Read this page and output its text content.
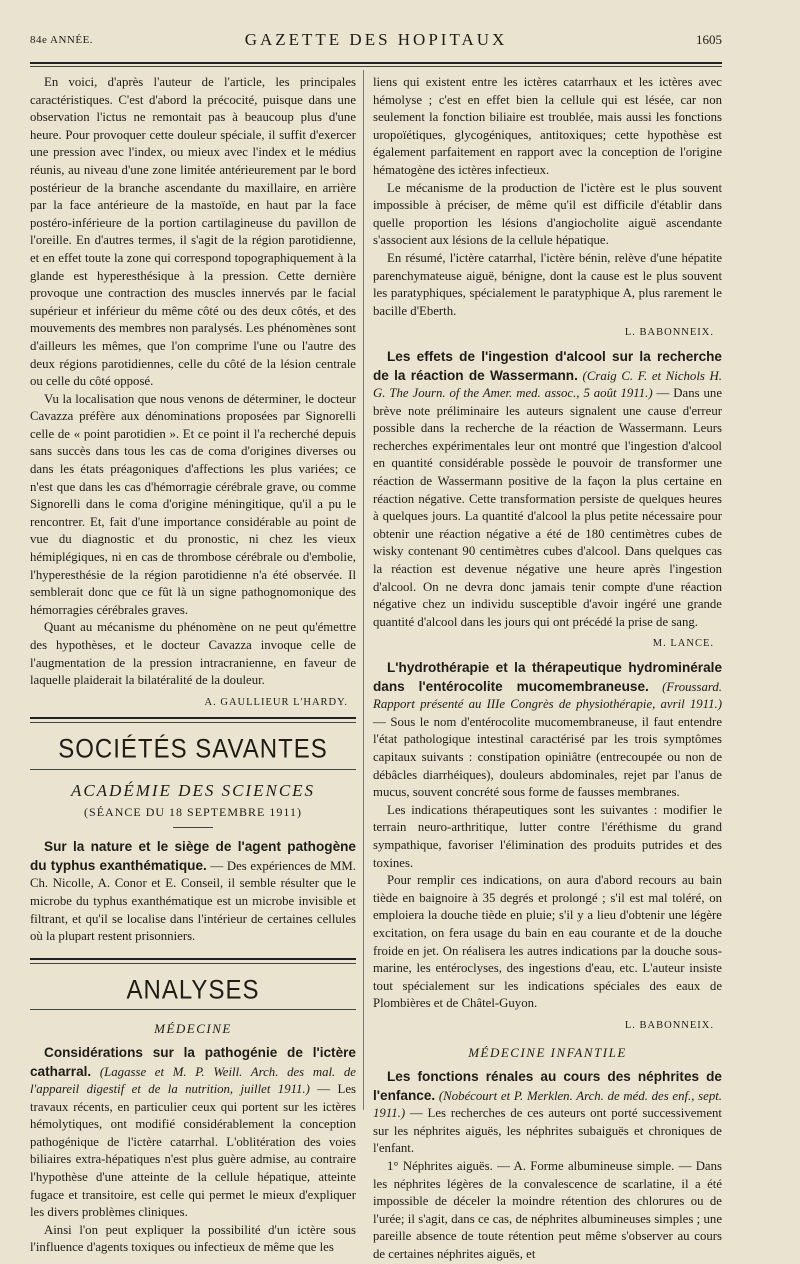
84e ANNÉE.	GAZETTE DES HOPITAUX	1605

En voici, d'après l'auteur de l'article, les principales caractéristiques. C'est d'abord la précocité, puisque dans une observation l'ictus ne remontait pas à beaucoup plus d'une heure. Pour provoquer cette douleur spéciale, il suffit d'exercer une pression avec l'index, ou mieux avec l'index et le médius réunis, au niveau d'une zone limitée antérieurement par le bord postérieur de la branche ascendante du maxillaire, en arrière par la face antérieure de la mastoïde, en haut par la face postéro-inférieure de la portion cartilagineuse du pavillon de l'oreille. En d'autres termes, il s'agit de la région parotidienne, et en effet toute la zone qui correspond topographiquement à la glande est hyperesthésique à la pression. Cette dernière provoque une contraction des muscles innervés par le facial supérieur et inférieur du même côté ou des deux côtés, et des mouvements des membres non paralysés. Les phénomènes sont d'ailleurs les mêmes, que l'on comprime l'une ou l'autre des deux régions parotidiennes, celle du côté de la lésion centrale ou celle du côté opposé.

Vu la localisation que nous venons de déterminer, le docteur Cavazza préfère aux dénominations proposées par Signorelli celle de « point parotidien ». Et ce point il l'a recherché depuis sans succès dans tous les cas de coma d'origines diverses ou dans les états préagoniques d'affections les plus variées; ce n'est que dans les cas d'hémorragie cérébrale grave, ou comme Signorelli dans le coma d'origine méningitique, qu'il a pu le rencontrer. Et, fait d'une importance considérable au point de vue du diagnostic et du pronostic, ni chez les vieux hémiplégiques, ni en cas de thrombose cérébrale ou d'embolie, l'hyperesthésie de la région parotidienne n'a été observée. Il semblerait donc que ce fût là un signe pathognomonique des hémorragies cérébrales graves.

Quant au mécanisme du phénomène on ne peut qu'émettre des hypothèses, et le docteur Cavazza invoque celle de l'augmentation de la pression intracranienne, en faveur de laquelle plaiderait la bilatéralité de la douleur.

A. GAULLIEUR L'HARDY.

SOCIÉTÉS SAVANTES
ACADÉMIE DES SCIENCES
(SÉANCE DU 18 SEPTEMBRE 1911)

Sur la nature et le siège de l'agent pathogène du typhus exanthématique. — Des expériences de MM. Ch. Nicolle, A. Conor et E. Conseil, il semble résulter que le microbe du typhus exanthématique est un microbe invisible et filtrant, et qu'il se localise dans l'intérieur de certaines cellules où la plupart restent prisonniers.

ANALYSES
MÉDECINE

Considérations sur la pathogénie de l'ictère catharral. (Lagasse et M. P. Weill. Arch. des mal. de l'appareil digestif et de la nutrition, juillet 1911.) — Les travaux récents, en particulier ceux qui portent sur les ictères hémolytiques, ont modifié considérablement la conception pathogénique de l'ictère catarrhal. L'oblitération des voies biliaires extra-hépatiques n'est plus guère admise, au contraire l'hypothèse d'une atteinte de la cellule hépatique, atteinte fugace et transitoire, est celle qui permet le mieux d'expliquer les divers problèmes cliniques.

Ainsi l'on peut expliquer la possibilité d'un ictère sous l'influence d'agents toxiques ou infectieux de même que les

liens qui existent entre les ictères catarrhaux et les ictères avec hémolyse ; c'est en effet bien la cellule qui est lésée, car non seulement la fonction biliaire est troublée, mais aussi les fonctions uropoïétiques, glycogéniques, antitoxiques; cette hypothèse est également parfaitement en rapport avec la conception de l'origine hématogène des ictères infectieux.

Le mécanisme de la production de l'ictère est le plus souvent impossible à préciser, de même qu'il est difficile d'établir dans quelle proportion les lésions d'angiocholite aiguë ascendante s'associent aux lésions de la cellule hépatique.

En résumé, l'ictère catarrhal, l'ictère bénin, relève d'une hépatite parenchymateuse aiguë, bénigne, dont la cause est le plus souvent les paratyphiques, spécialement le paratyphique A, plus rarement le bacille d'Eberth.

L. BABONNEIX.

Les effets de l'ingestion d'alcool sur la recherche de la réaction de Wassermann. (Craig C. F. et Nichols H. G. The Journ. of the Amer. med. assoc., 5 août 1911.) — Dans une brève note préliminaire les auteurs signalent une cause d'erreur possible dans la recherche de la réaction de Wassermann. Leurs recherches expérimentales leur ont montré que l'ingestion d'alcool en quantité considérable possède le pouvoir de transformer une réaction de Wassermann positive de la façon la plus certaine en réaction négative. Cette transformation persiste de quelques heures à quelques jours. La quantité d'alcool la plus petite nécessaire pour obtenir une réaction négative a été de 180 centimètres cubes de wisky contenant 90 centimètres cubes d'alcool. Dans quelques cas la réaction est devenue négative une heure après l'ingestion d'alcool. On ne devra donc jamais tenir compte d'une réaction négative chez un individu susceptible d'avoir ingéré une grande quantité d'alcool dans les jours qui ont précédé la prise de sang.

M. LANCE.

L'hydrothérapie et la thérapeutique hydrominérale dans l'entérocolite mucomembraneuse. (Froussard. Rapport présenté au IIIe Congrès de physiothérapie, avril 1911.) — Sous le nom d'entérocolite mucomembraneuse, il faut entendre l'état pathologique intestinal caractérisé par les trois symptômes capitaux suivants : constipation opiniâtre (entrecoupée ou non de débâcles diarrhéiques), douleurs abdominales, rejet par l'anus de mucus, souvent concrété sous forme de fausses membranes.

Les indications thérapeutiques sont les suivantes : modifier le terrain neuro-arthritique, lutter contre l'éréthisme du grand sympathique, favoriser l'élimination des produits putrides et des toxines.

Pour remplir ces indications, on aura d'abord recours au bain tiède en baignoire à 35 degrés et prolongé ; s'il est mal toléré, on emploiera la douche tiède en pluie; s'il y a lieu d'obtenir une légère excitation, on fera usage du bain en eau courante et de la douche froide en jet. On réalisera les autres indications par la douche sous-marine, les entéroclyses, des ingestions d'eau, etc. L'auteur insiste tout spécialement sur les indications spéciales des eaux de Plombières et de Châtel-Guyon.

L. BABONNEIX.

MÉDECINE INFANTILE

Les fonctions rénales au cours des néphrites de l'enfance. (Nobécourt et P. Merklen. Arch. de méd. des enf., sept. 1911.) — Les recherches de ces auteurs ont porté successivement sur les néphrites aiguës, les néphrites subaiguës et chroniques de l'enfant.

1° Néphrites aiguës. — A. Forme albumineuse simple. — Dans les néphrites légères de la convalescence de scarlatine, il a été impossible de déceler la moindre rétention des chlorures ou de l'urée; il s'agit, dans ce cas, de néphrites albumineuses simples ; une pareille absence de toute rétention peut même s'observer au cours de certaines néphrites aiguës, et
